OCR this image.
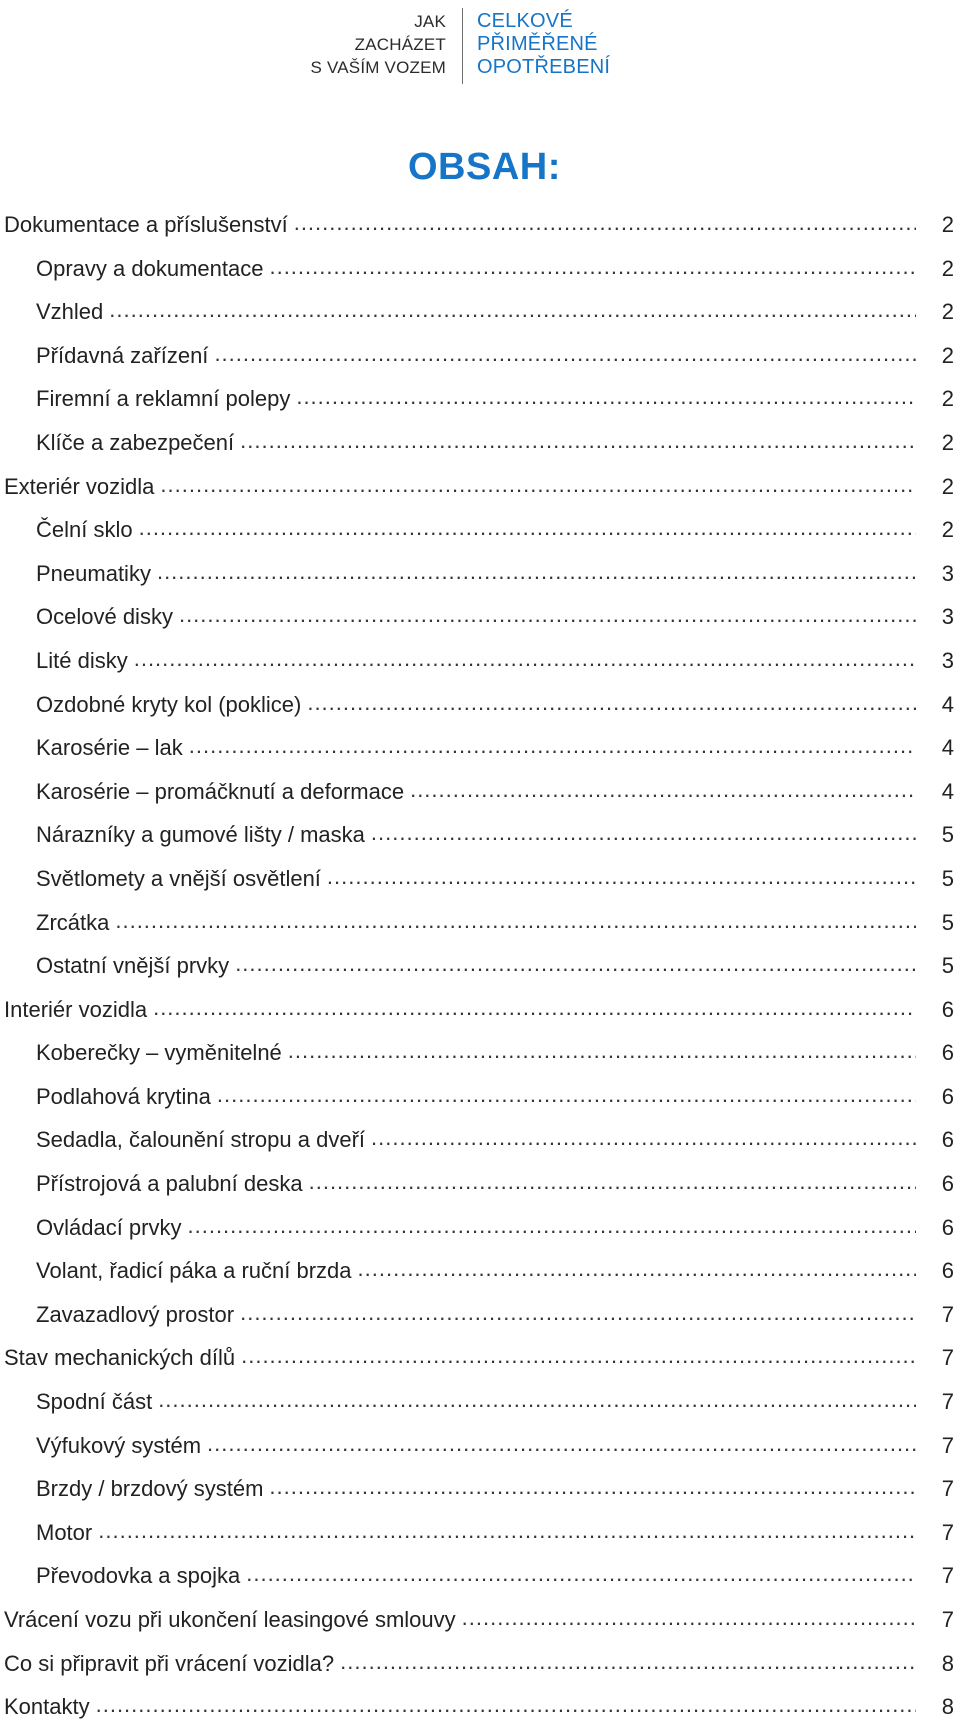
JAK
ZACHÁZET
S VAŠÍM VOZEM
CELKOVÉ
PŘIMĚŘENÉ
OPOTŘEBENÍ
OBSAH:
Dokumentace a příslušenství .....	2
Opravy a dokumentace .....	2
Vzhled .....	2
Přídavná zařízení .....	2
Firemní a reklamní polepy .....	2
Klíče a zabezpečení .....	2
Exteriér vozidla .....	2
Čelní sklo .....	2
Pneumatiky .....	3
Ocelové disky .....	3
Lité disky .....	3
Ozdobné kryty kol (poklice) .....	4
Karosérie – lak .....	4
Karosérie – promáčknutí a deformace .....	4
Nárazníky a gumové lišty / maska .....	5
Světlomety a vnější osvětlení .....	5
Zrcátka .....	5
Ostatní vnější prvky .....	5
Interiér vozidla .....	6
Koberečky – vyměnitelné .....	6
Podlahová krytina .....	6
Sedadla, čalounění stropu a dveří .....	6
Přístrojová a palubní deska .....	6
Ovládací prvky .....	6
Volant, řadicí páka a ruční brzda .....	6
Zavazadlový prostor .....	7
Stav mechanických dílů .....	7
Spodní část .....	7
Výfukový systém .....	7
Brzdy / brzdový systém .....	7
Motor .....	7
Převodovka a spojka .....	7
Vrácení vozu při ukončení leasingové smlouvy .....	7
Co si připravit při vrácení vozidla? .....	8
Kontakty .....	8
